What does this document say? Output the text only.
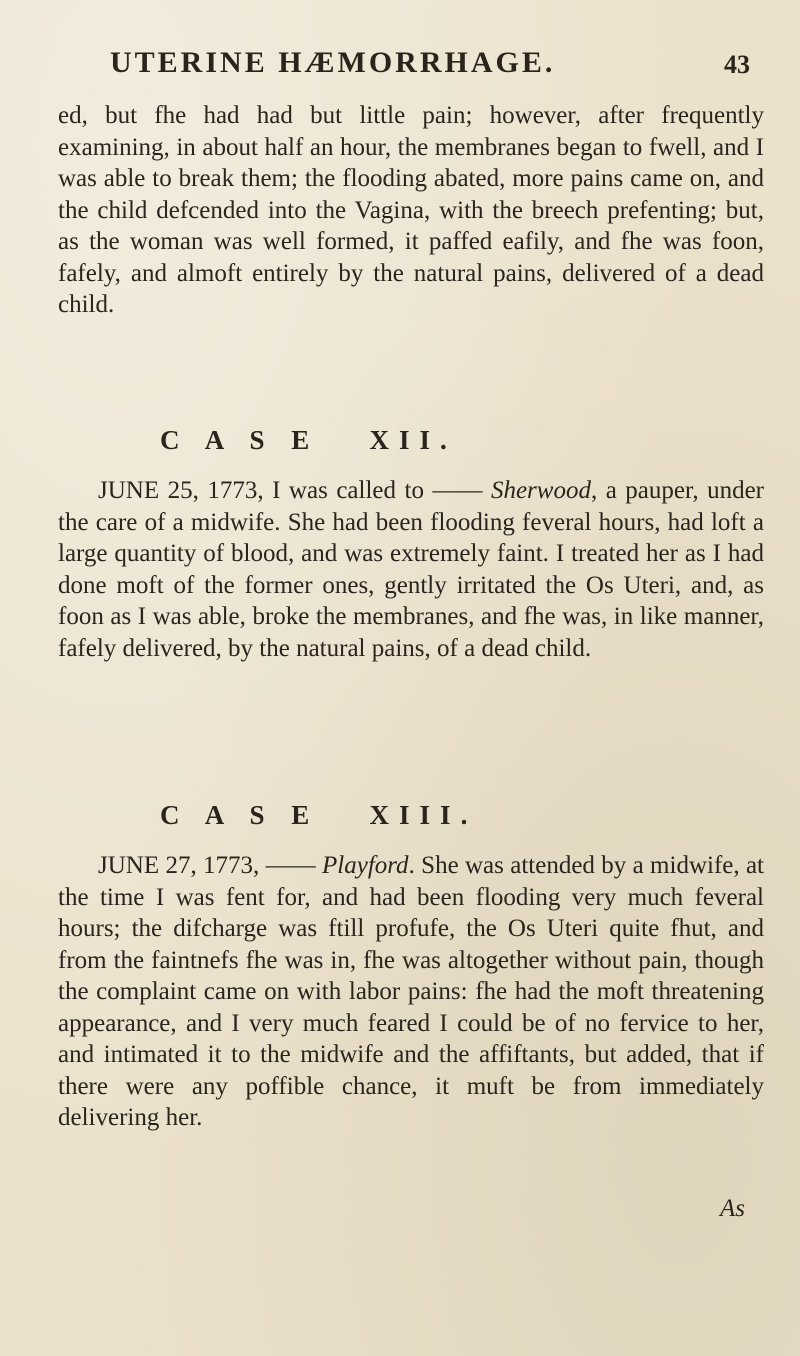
UTERINE HÆMORRHAGE.	43

ed, but fhe had had but little pain; however, after frequently examining, in about half an hour, the membranes began to fwell, and I was able to break them; the flooding abated, more pains came on, and the child defcended into the Vagina, with the breech prefenting; but, as the woman was well formed, it paffed eafily, and fhe was foon, fafely, and almoft entirely by the natural pains, delivered of a dead child.

C A S E   XII.

JUNE 25, 1773, I was called to —— Sherwood, a pauper, under the care of a midwife. She had been flooding feveral hours, had loft a large quantity of blood, and was extremely faint. I treated her as I had done moft of the former ones, gently irritated the Os Uteri, and, as foon as I was able, broke the membranes, and fhe was, in like manner, fafely delivered, by the natural pains, of a dead child.

C A S E   XIII.

JUNE 27, 1773, —— Playford. She was attended by a midwife, at the time I was fent for, and had been flooding very much feveral hours; the difcharge was ftill profufe, the Os Uteri quite fhut, and from the faintnefs fhe was in, fhe was altogether without pain, though the complaint came on with labor pains: fhe had the moft threatening appearance, and I very much feared I could be of no fervice to her, and intimated it to the midwife and the affiftants, but added, that if there were any poffible chance, it muft be from immediately delivering her.

As
